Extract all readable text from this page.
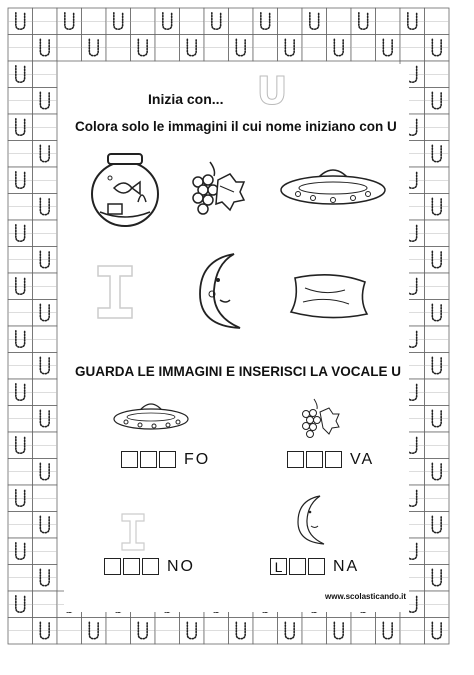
Inizia con... U
Colora solo le immagini il cui nome iniziano con U
GUARDA LE IMMAGINI E INSERISCI LA VOCALE U
FO	VA
NO	L	NA
www.scolasticando.it
